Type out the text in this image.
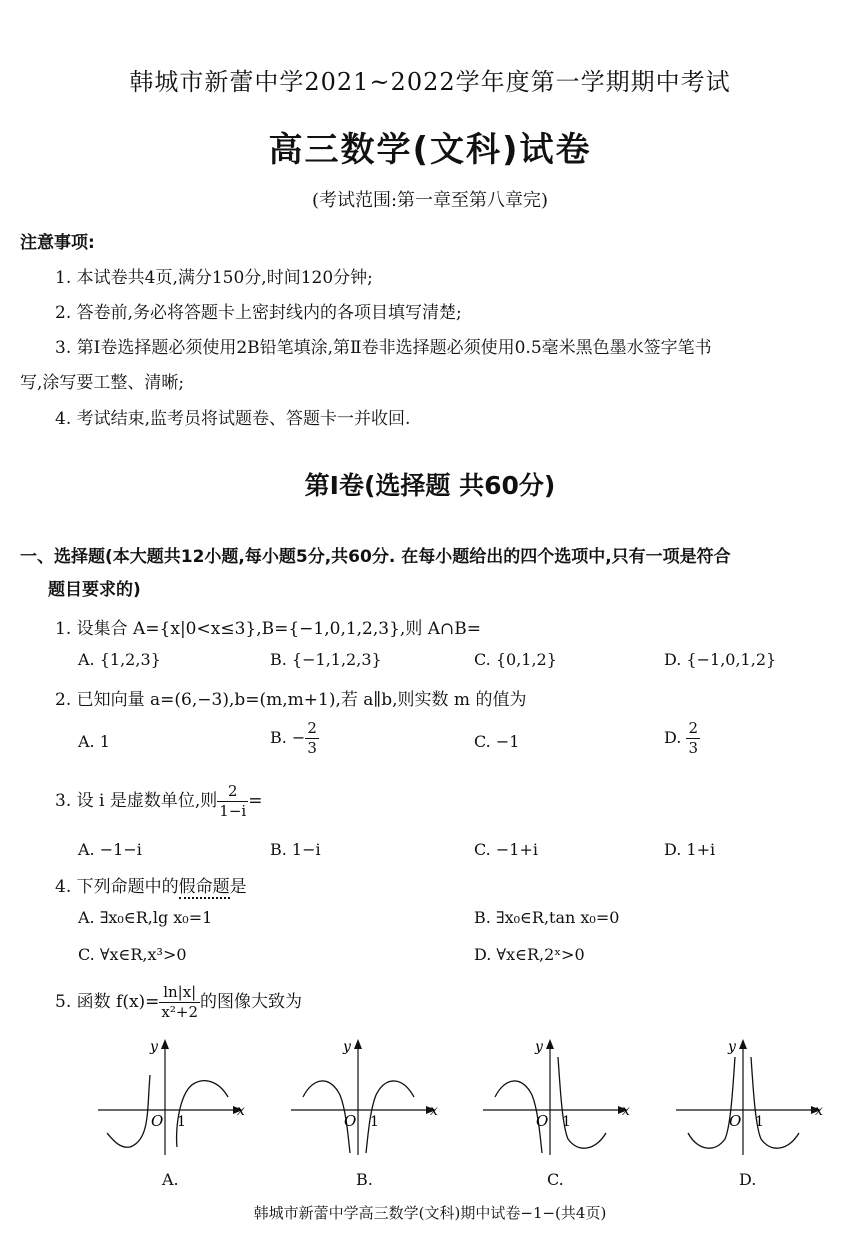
韩城市新蕾中学2021~2022学年度第一学期期中考试
高三数学(文科)试卷
(考试范围:第一章至第八章完)
注意事项:
1. 本试卷共4页,满分150分,时间120分钟;
2. 答卷前,务必将答题卡上密封线内的各项目填写清楚;
3. 第Ⅰ卷选择题必须使用2B铅笔填涂,第Ⅱ卷非选择题必须使用0.5毫米黑色墨水签字笔书
写,涂写要工整、清晰;
4. 考试结束,监考员将试题卷、答题卡一并收回.
第Ⅰ卷(选择题 共60分)
一、选择题(本大题共12小题,每小题5分,共60分. 在每小题给出的四个选项中,只有一项是符合
题目要求的)
1. 设集合 A={x|0<x≤3},B={−1,0,1,2,3},则 A∩B=
A. {1,2,3}	B. {−1,1,2,3}	C. {0,1,2}	D. {−1,0,1,2}
2. 已知向量 a=(6,−3),b=(m,m+1),若 a∥b,则实数 m 的值为
A. 1	B. − $\frac{2}{3}$	C. −1	D. $\frac{2}{3}$
3. 设 i 是虚数单位,则 $\frac{2}{1-i}$ =
A. −1−i	B. 1−i	C. −1+i	D. 1+i
4. 下列命题中的假命题是
A. ∃x₀∈R,lg x₀=1	B. ∃x₀∈R,tan x₀=0
C. ∀x∈R,x³>0	D. ∀x∈R,2ˣ>0
5. 函数 $f(x)= \frac{\ln|x|}{\text{x²+2}}$ 的图像大致为
O 1
x
y
O 1
x
y
O 1
x
y
O 1
x
y
A.	B.	C.	D.
韩城市新蕾中学高三数学(文科)期中试卷−1−(共4页)
